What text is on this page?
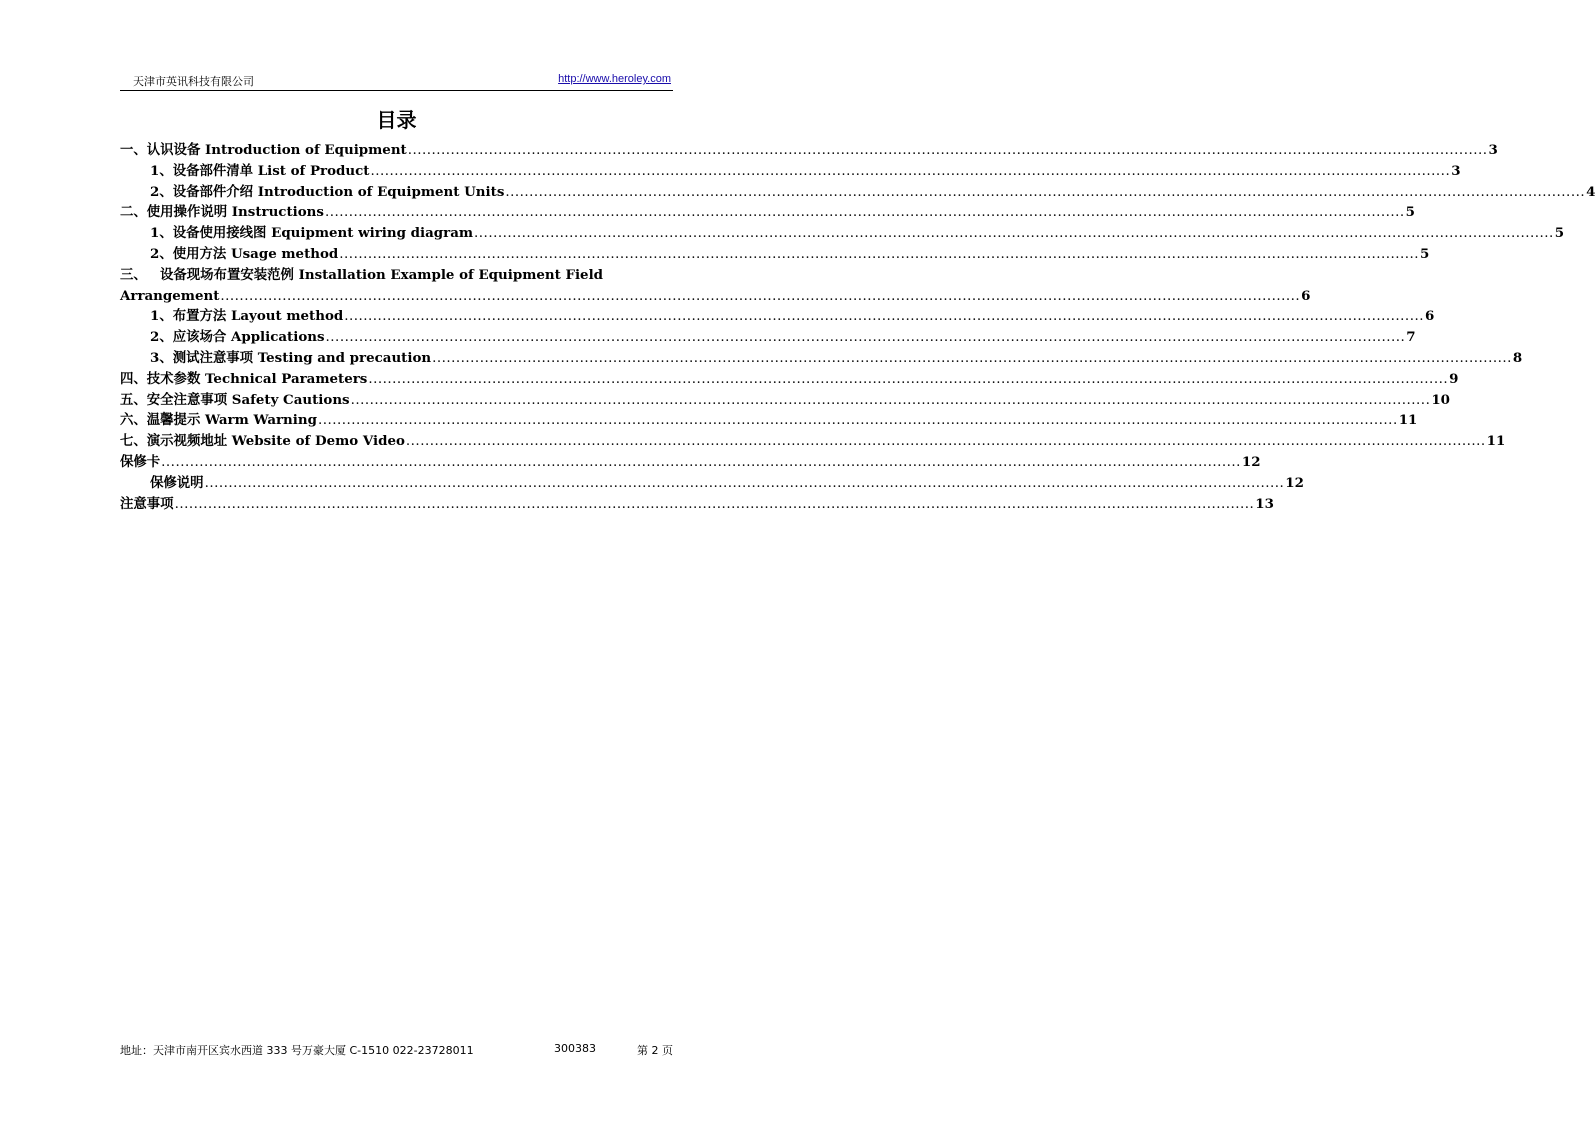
天津市英讯科技有限公司	http://www.heroley.com
目录
一、 认识设备 Introduction of Equipment .....	3
1、 设备部件清单 List of Product .....	3
2、 设备部件介绍 Introduction of Equipment Units .....	4
二、 使用操作说明 Instructions .....	5
1、 设备使用接线图 Equipment wiring diagram .....	5
2、 使用方法 Usage method .....	5
三、 设备现场布置安装范例 Installation Example of Equipment Field
Arrangement .....	6
1、 布置方法 Layout method .....	6
2、 应该场合 Applications .....	7
3、 测试注意事项 Testing and precaution .....	8
四、 技术参数 Technical Parameters .....	9
五、 安全注意事项 Safety Cautions .....	10
六、 温馨提示 Warm Warning .....	11
七、 演示视频地址 Website of Demo Video .....	11
保修卡 .....	12
保修说明 .....	12
注意事项 .....	13
地址：天津市南开区宾水西道 333 号万豪大厦 C-1510 022-23728011	300383	第 2 页
